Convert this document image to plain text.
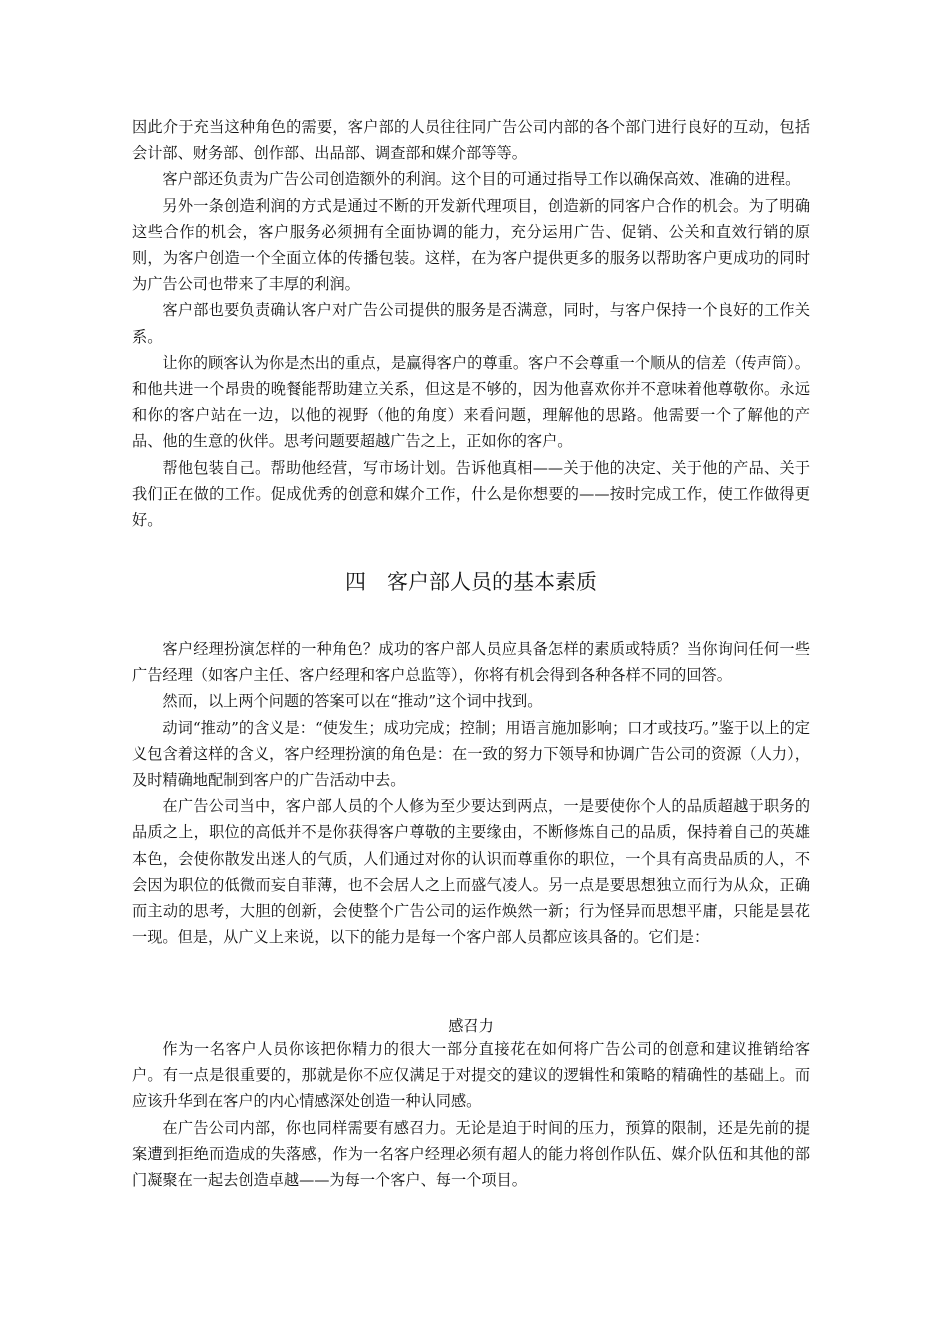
因此介于充当这种角色的需要，客户部的人员往往同广告公司内部的各个部门进行良好的互动，包括会计部、财务部、创作部、出品部、调查部和媒介部等等。

客户部还负责为广告公司创造额外的利润。这个目的可通过指导工作以确保高效、准确的进程。

另外一条创造利润的方式是通过不断的开发新代理项目，创造新的同客户合作的机会。为了明确这些合作的机会，客户服务必须拥有全面协调的能力，充分运用广告、促销、公关和直效行销的原则，为客户创造一个全面立体的传播包装。这样，在为客户提供更多的服务以帮助客户更成功的同时为广告公司也带来了丰厚的利润。

客户部也要负责确认客户对广告公司提供的服务是否满意，同时，与客户保持一个良好的工作关系。

让你的顾客认为你是杰出的重点，是赢得客户的尊重。客户不会尊重一个顺从的信差（传声筒）。和他共进一个昂贵的晚餐能帮助建立关系，但这是不够的，因为他喜欢你并不意味着他尊敬你。永远和你的客户站在一边，以他的视野（他的角度）来看问题，理解他的思路。他需要一个了解他的产品、他的生意的伙伴。思考问题要超越广告之上，正如你的客户。

帮他包装自己。帮助他经营，写市场计划。告诉他真相——关于他的决定、关于他的产品、关于我们正在做的工作。促成优秀的创意和媒介工作，什么是你想要的——按时完成工作，使工作做得更好。

四　客户部人员的基本素质

客户经理扮演怎样的一种角色？成功的客户部人员应具备怎样的素质或特质？当你询问任何一些广告经理（如客户主任、客户经理和客户总监等），你将有机会得到各种各样不同的回答。

然而，以上两个问题的答案可以在“推动”这个词中找到。

动词“推动”的含义是：“使发生；成功完成；控制；用语言施加影响；口才或技巧。”鉴于以上的定义包含着这样的含义，客户经理扮演的角色是：在一致的努力下领导和协调广告公司的资源（人力），及时精确地配制到客户的广告活动中去。

在广告公司当中，客户部人员的个人修为至少要达到两点，一是要使你个人的品质超越于职务的品质之上，职位的高低并不是你获得客户尊敬的主要缘由，不断修炼自己的品质，保持着自己的英雄本色，会使你散发出迷人的气质，人们通过对你的认识而尊重你的职位，一个具有高贵品质的人，不会因为职位的低微而妄自菲薄，也不会居人之上而盛气凌人。另一点是要思想独立而行为从众，正确而主动的思考，大胆的创新，会使整个广告公司的运作焕然一新；行为怪异而思想平庸，只能是昙花一现。但是，从广义上来说，以下的能力是每一个客户部人员都应该具备的。它们是：

感召力

作为一名客户人员你该把你精力的很大一部分直接花在如何将广告公司的创意和建议推销给客户。有一点是很重要的，那就是你不应仅满足于对提交的建议的逻辑性和策略的精确性的基础上。而应该升华到在客户的内心情感深处创造一种认同感。

在广告公司内部，你也同样需要有感召力。无论是迫于时间的压力，预算的限制，还是先前的提案遭到拒绝而造成的失落感，作为一名客户经理必须有超人的能力将创作队伍、媒介队伍和其他的部门凝聚在一起去创造卓越——为每一个客户、每一个项目。
